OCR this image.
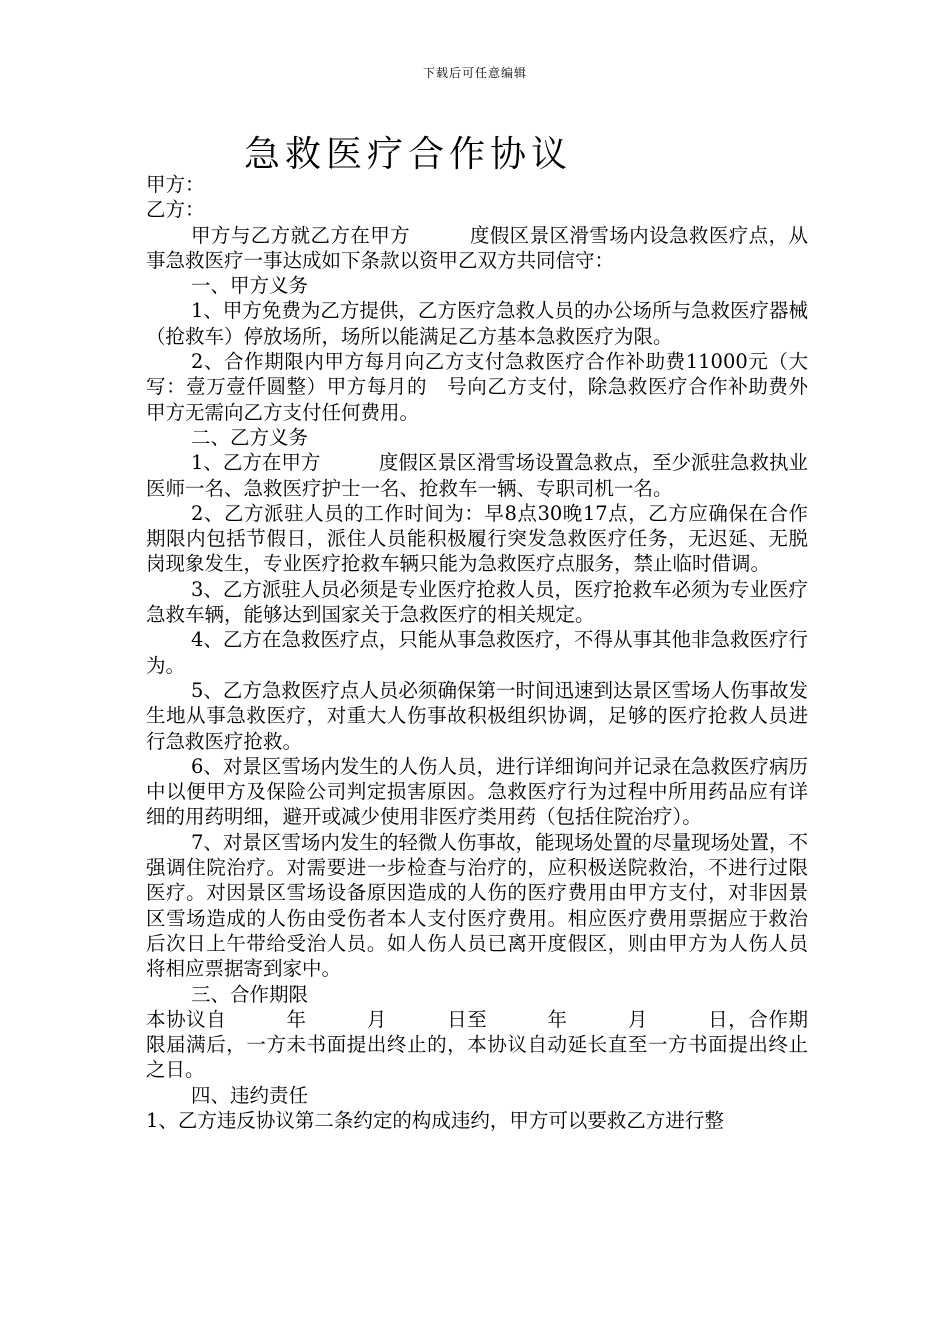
下载后可任意编辑
急救医疗合作协议

甲方：

乙方：

甲方与乙方就乙方在甲方　　　度假区景区滑雪场内设急救医疗点，从事急救医疗一事达成如下条款以资甲乙双方共同信守：

一、甲方义务

1、甲方免费为乙方提供，乙方医疗急救人员的办公场所与急救医疗器械（抢救车）停放场所，场所以能满足乙方基本急救医疗为限。

2、合作期限内甲方每月向乙方支付急救医疗合作补助费11000元（大写：壹万壹仟圆整）甲方每月的　号向乙方支付，除急救医疗合作补助费外甲方无需向乙方支付任何费用。

二、乙方义务

1、乙方在甲方　　　度假区景区滑雪场设置急救点，至少派驻急救执业医师一名、急救医疗护士一名、抢救车一辆、专职司机一名。

2、乙方派驻人员的工作时间为：早8点30晚17点，乙方应确保在合作期限内包括节假日，派住人员能积极履行突发急救医疗任务，无迟延、无脱岗现象发生，专业医疗抢救车辆只能为急救医疗点服务，禁止临时借调。

3、乙方派驻人员必须是专业医疗抢救人员，医疗抢救车必须为专业医疗急救车辆，能够达到国家关于急救医疗的相关规定。

4、乙方在急救医疗点，只能从事急救医疗，不得从事其他非急救医疗行为。

5、乙方急救医疗点人员必须确保第一时间迅速到达景区雪场人伤事故发生地从事急救医疗，对重大人伤事故积极组织协调，足够的医疗抢救人员进行急救医疗抢救。

6、对景区雪场内发生的人伤人员，进行详细询问并记录在急救医疗病历中以便甲方及保险公司判定损害原因。急救医疗行为过程中所用药品应有详细的用药明细，避开或减少使用非医疗类用药（包括住院治疗）。

7、对景区雪场内发生的轻微人伤事故，能现场处置的尽量现场处置，不强调住院治疗。对需要进一步检查与治疗的，应积极送院救治，不进行过限医疗。对因景区雪场设备原因造成的人伤的医疗费用由甲方支付，对非因景区雪场造成的人伤由受伤者本人支付医疗费用。相应医疗费用票据应于救治后次日上午带给受治人员。如人伤人员已离开度假区，则由甲方为人伤人员将相应票据寄到家中。

三、合作期限

本协议自　　　年　　　月　　　日至　　　年　　　月　　　日，合作期限届满后，一方未书面提出终止的，本协议自动延长直至一方书面提出终止之日。

四、违约责任

1、乙方违反协议第二条约定的构成违约，甲方可以要救乙方进行整
